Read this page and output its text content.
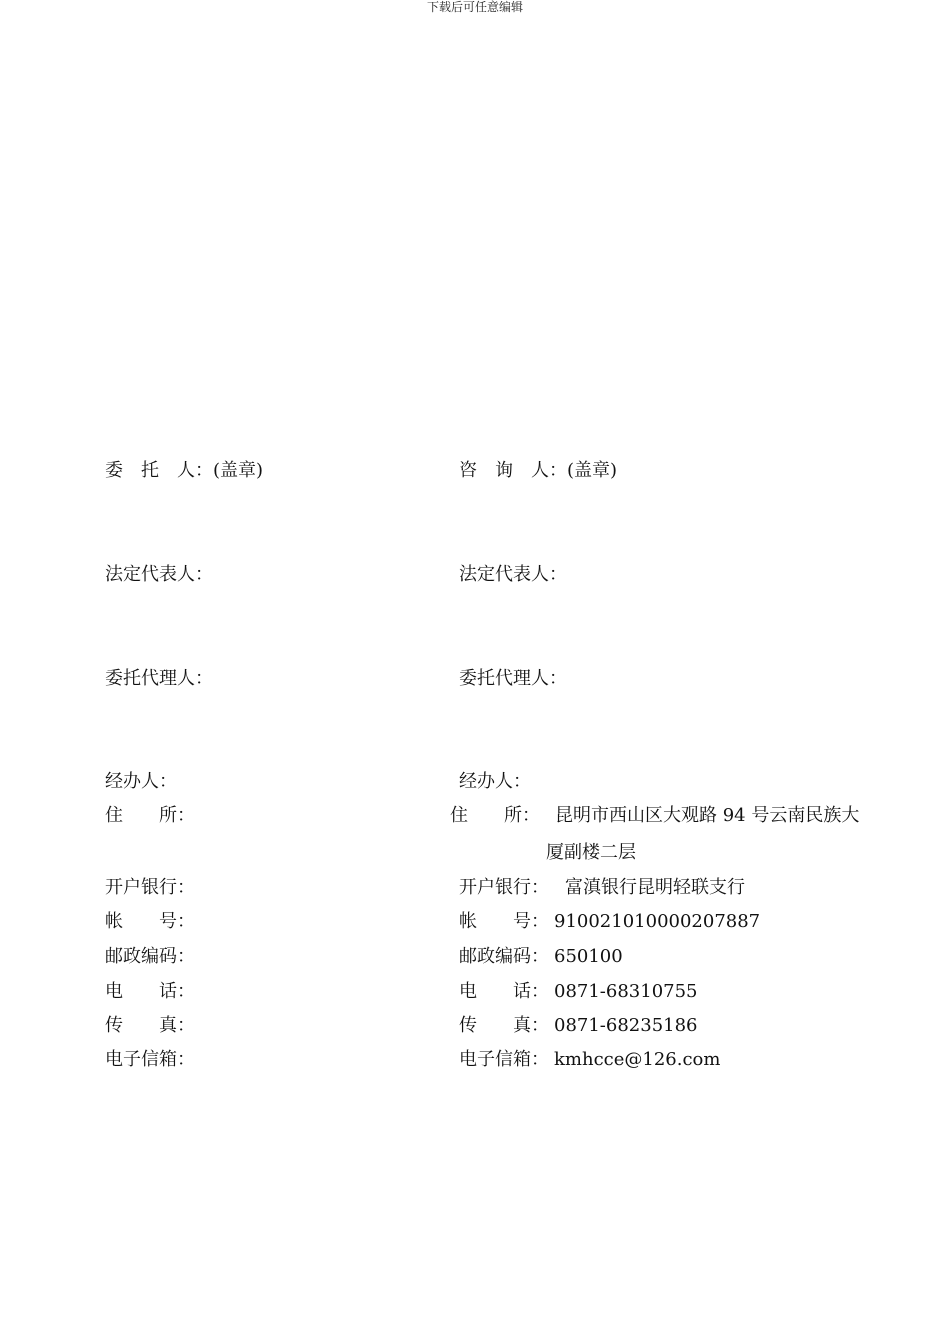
下载后可任意编辑
委　托　人：(盖章)
法定代表人：
委托代理人：
经办人：
住　　所：
开户银行：
帐　　号：
邮政编码：
电　　话：
传　　真：
电子信箱：
咨　询　人：(盖章)
法定代表人：
委托代理人：
经办人：
住　　所： 昆明市西山区大观路 94 号云南民族大
厦副楼二层
开户银行： 富滇银行昆明轻联支行
帐　　号： 910021010000207887
邮政编码： 650100
电　　话： 0871-68310755
传　　真： 0871-68235186
电子信箱： kmhcce@126.com
